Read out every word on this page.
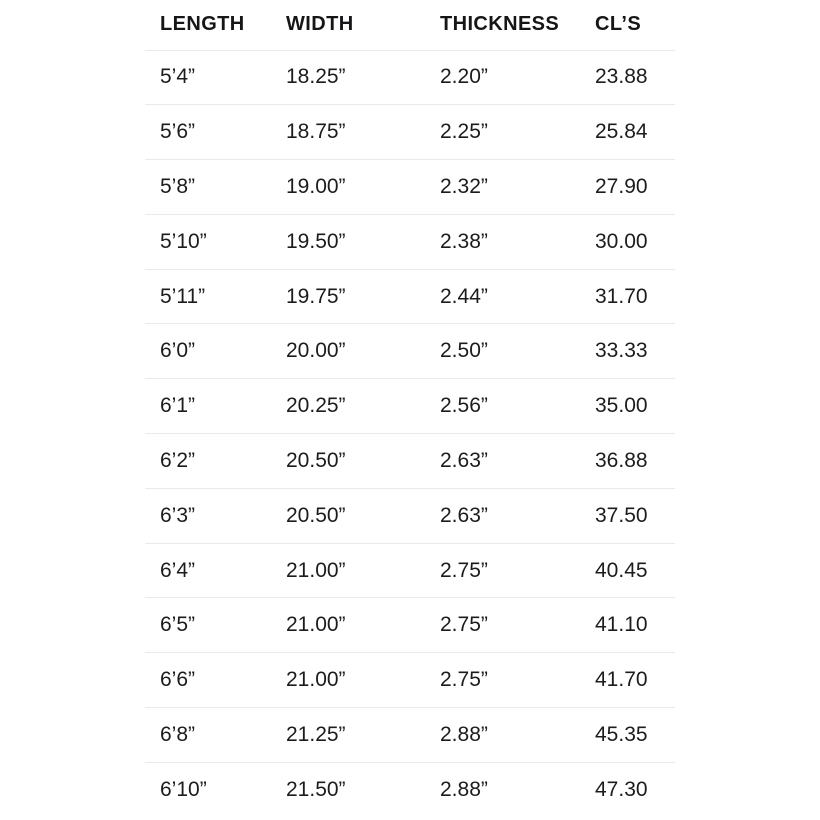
LENGTH	WIDTH	THICKNESS	CL’S
5’4”	18.25”	2.20”	23.88
5’6”	18.75”	2.25”	25.84
5’8”	19.00”	2.32”	27.90
5’10”	19.50”	2.38”	30.00
5’11”	19.75”	2.44”	31.70
6’0”	20.00”	2.50”	33.33
6’1”	20.25”	2.56”	35.00
6’2”	20.50”	2.63”	36.88
6’3”	20.50”	2.63”	37.50
6’4”	21.00”	2.75”	40.45
6’5”	21.00”	2.75”	41.10
6’6”	21.00”	2.75”	41.70
6’8”	21.25”	2.88”	45.35
6’10”	21.50”	2.88”	47.30
